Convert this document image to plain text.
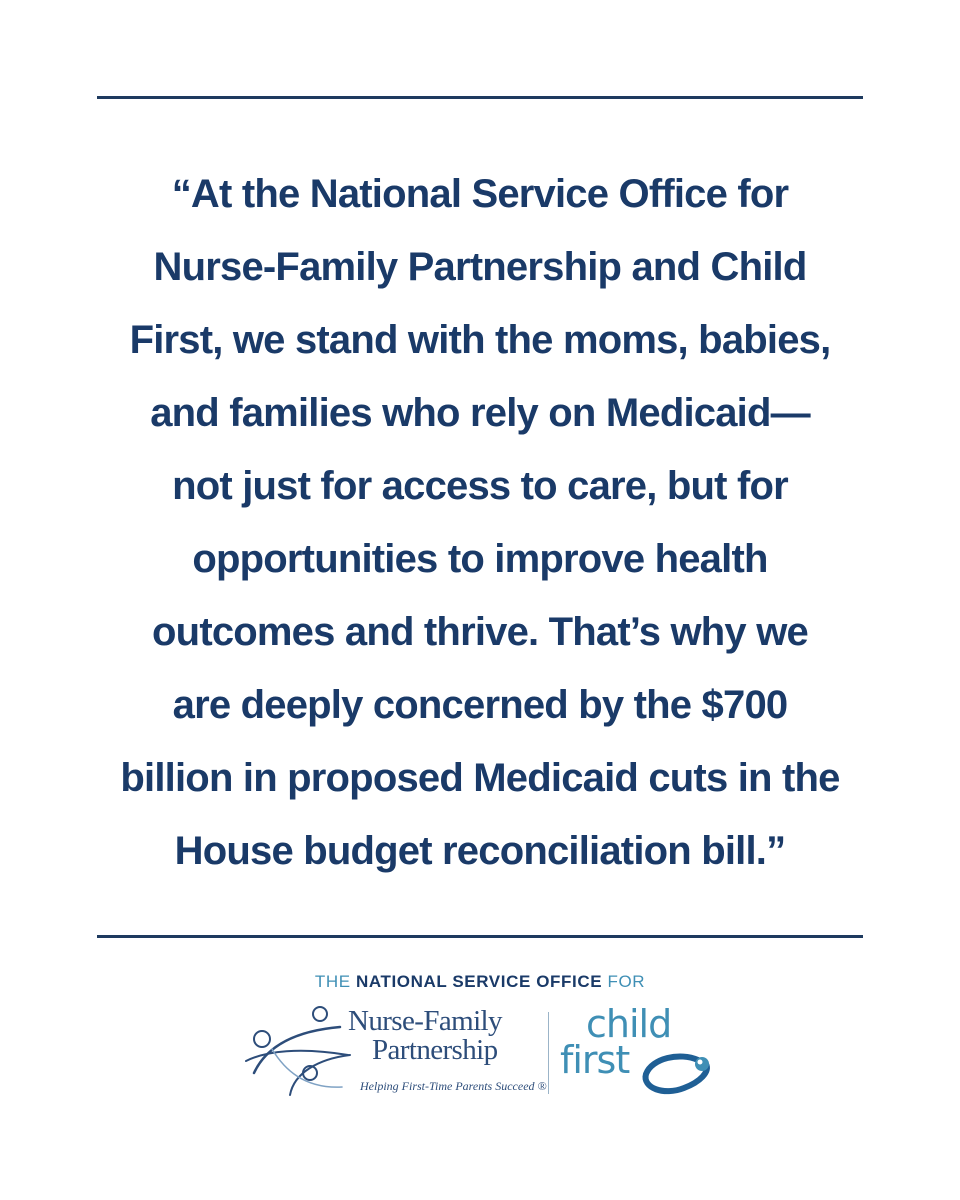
“At the National Service Office for
Nurse-Family Partnership and Child
First, we stand with the moms, babies,
and families who rely on Medicaid—
not just for access to care, but for
opportunities to improve health
outcomes and thrive. That’s why we
are deeply concerned by the $700
billion in proposed Medicaid cuts in the
House budget reconciliation bill.”

THE NATIONAL SERVICE OFFICE FOR
Nurse-Family
Partnership
Helping First-Time Parents Succeed ®
child
first
